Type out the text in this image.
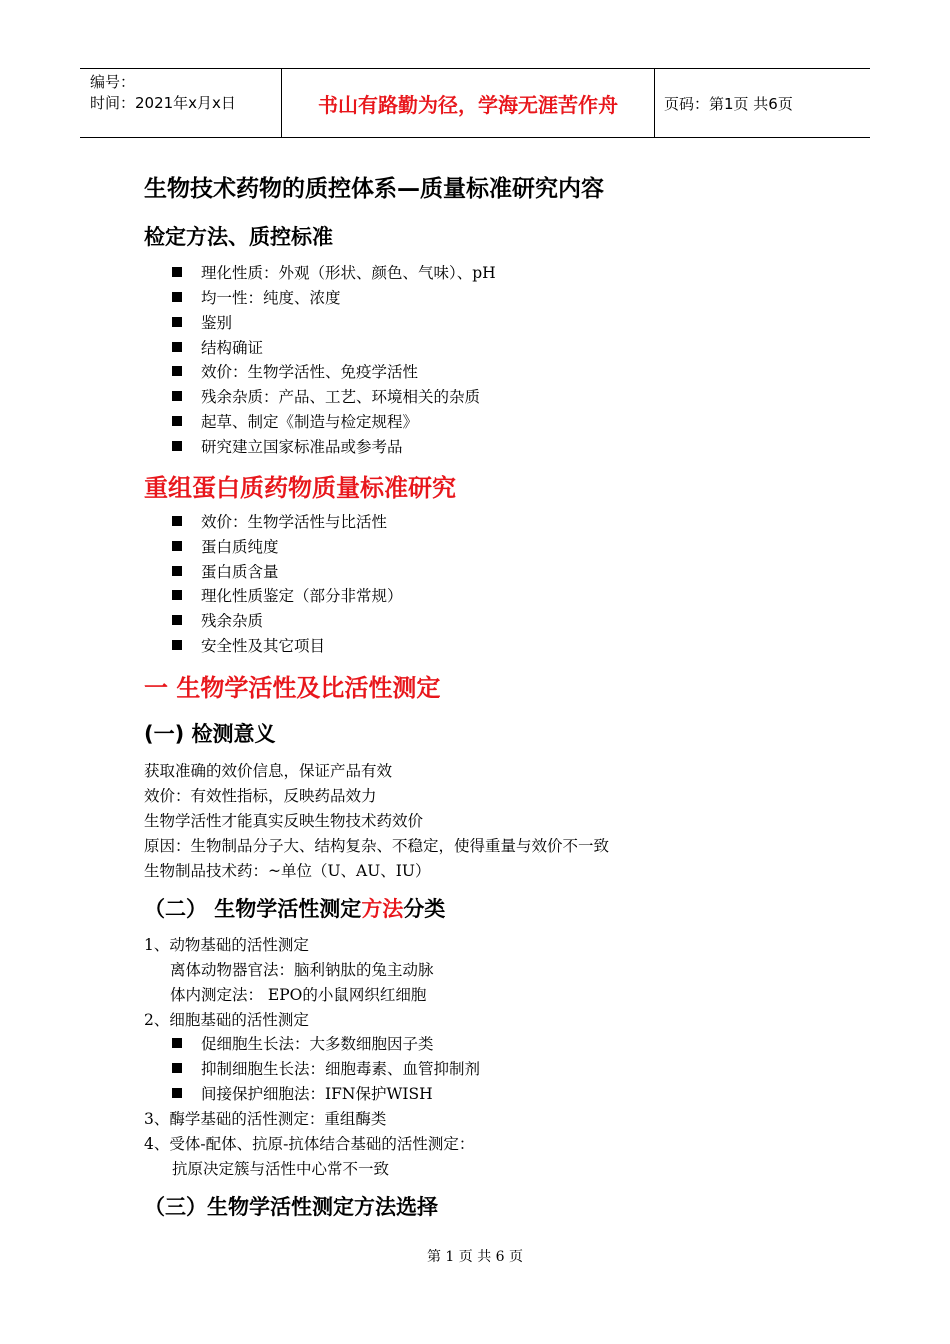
编号：
时间：2021年x月x日	书山有路勤为径，学海无涯苦作舟	页码：第1页 共6页
生物技术药物的质控体系—质量标准研究内容
检定方法、质控标准
理化性质：外观（形状、颜色、气味）、pH
均一性：纯度、浓度
鉴别
结构确证
效价：生物学活性、免疫学活性
残余杂质：产品、工艺、环境相关的杂质
起草、制定《制造与检定规程》
研究建立国家标准品或参考品
重组蛋白质药物质量标准研究
效价：生物学活性与比活性
蛋白质纯度
蛋白质含量
理化性质鉴定（部分非常规）
残余杂质
安全性及其它项目
一 生物学活性及比活性测定
(一) 检测意义
获取准确的效价信息，保证产品有效
效价：有效性指标，反映药品效力
生物学活性才能真实反映生物技术药效价
原因：生物制品分子大、结构复杂、不稳定，使得重量与效价不一致
生物制品技术药：~单位（U、AU、IU）
（二） 生物学活性测定方法分类
1、动物基础的活性测定
离体动物器官法：脑利钠肽的兔主动脉
体内测定法： EPO的小鼠网织红细胞
2、细胞基础的活性测定
促细胞生长法：大多数细胞因子类
抑制细胞生长法：细胞毒素、血管抑制剂
间接保护细胞法：IFN保护WISH
3、酶学基础的活性测定：重组酶类
4、受体-配体、抗原-抗体结合基础的活性测定：
抗原决定簇与活性中心常不一致
（三）生物学活性测定方法选择
第 1 页 共 6 页
